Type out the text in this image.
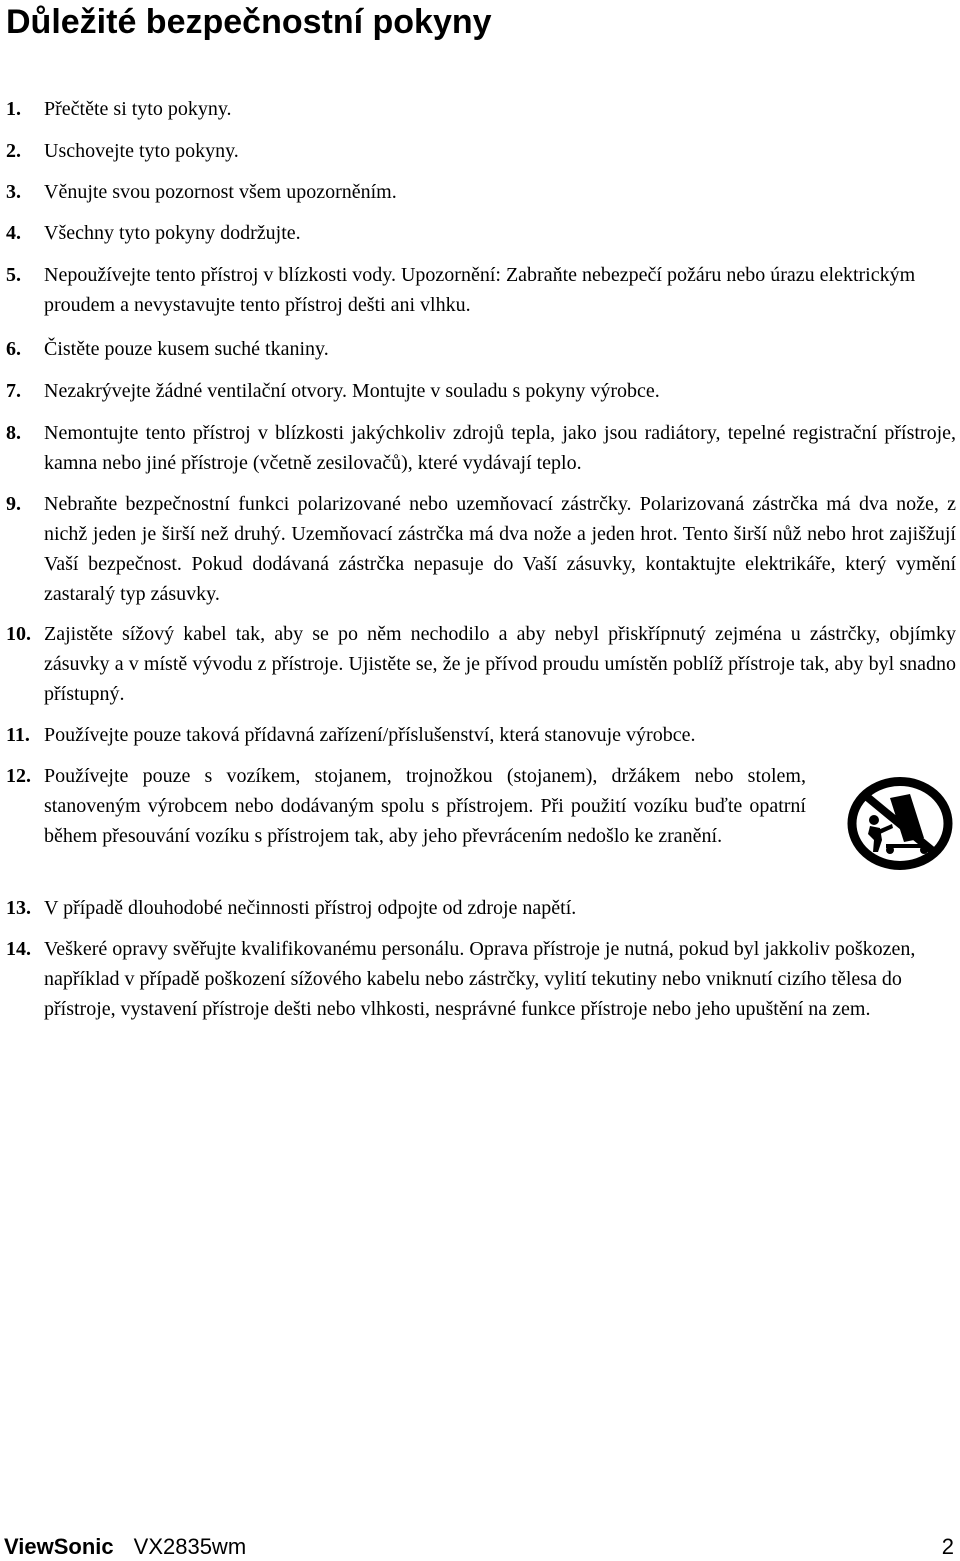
Důležité bezpečnostní pokyny
1. Přečtěte si tyto pokyny.
2. Uschovejte tyto pokyny.
3. Věnujte svou pozornost všem upozorněním.
4. Všechny tyto pokyny dodržujte.
5. Nepoužívejte tento přístroj v blízkosti vody. Upozornění: Zabraňte nebezpečí požáru nebo úrazu elektrickým proudem a nevystavujte tento přístroj dešti ani vlhku.
6. Čistěte pouze kusem suché tkaniny.
7. Nezakrývejte žádné ventilační otvory. Montujte v souladu s pokyny výrobce.
8. Nemontujte tento přístroj v blízkosti jakýchkoliv zdrojů tepla, jako jsou radiátory, tepelné registrační přístroje, kamna nebo jiné přístroje (včetně zesilovačů), které vydávají teplo.
9. Nebraňte bezpečnostní funkci polarizované nebo uzemňovací zástrčky. Polarizovaná zástrčka má dva nože, z nichž jeden je širší než druhý. Uzemňovací zástrčka má dva nože a jeden hrot. Tento širší nůž nebo hrot zajišžují Vaší bezpečnost. Pokud dodávaná zástrčka nepasuje do Vaší zásuvky, kontaktujte elektrikáře, který vymění zastaralý typ zásuvky.
10. Zajistěte sížový kabel tak, aby se po něm nechodilo a aby nebyl přiskřípnutý zejména u zástrčky, objímky zásuvky a v místě vývodu z přístroje. Ujistěte se, že je přívod proudu umístěn poblíž přístroje tak, aby byl snadno přístupný.
11. Používejte pouze taková přídavná zařízení/příslušenství, která stanovuje výrobce.
12. Používejte pouze s vozíkem, stojanem, trojnožkou (stojanem), držákem nebo stolem, stanoveným výrobcem nebo dodávaným spolu s přístrojem. Při použití vozíku buďte opatrní během přesouvání vozíku s přístrojem tak, aby jeho převrácením nedošlo ke zranění.
13. V případě dlouhodobé nečinnosti přístroj odpojte od zdroje napětí.
14. Veškeré opravy svěřujte kvalifikovanému personálu. Oprava přístroje je nutná, pokud byl jakkoliv poškozen, například v případě poškození sížového kabelu nebo zástrčky, vylití tekutiny nebo vniknutí cizího tělesa do přístroje, vystavení přístroje dešti nebo vlhkosti, nesprávné funkce přístroje nebo jeho upuštění na zem.
ViewSonic VX2835wm	2
